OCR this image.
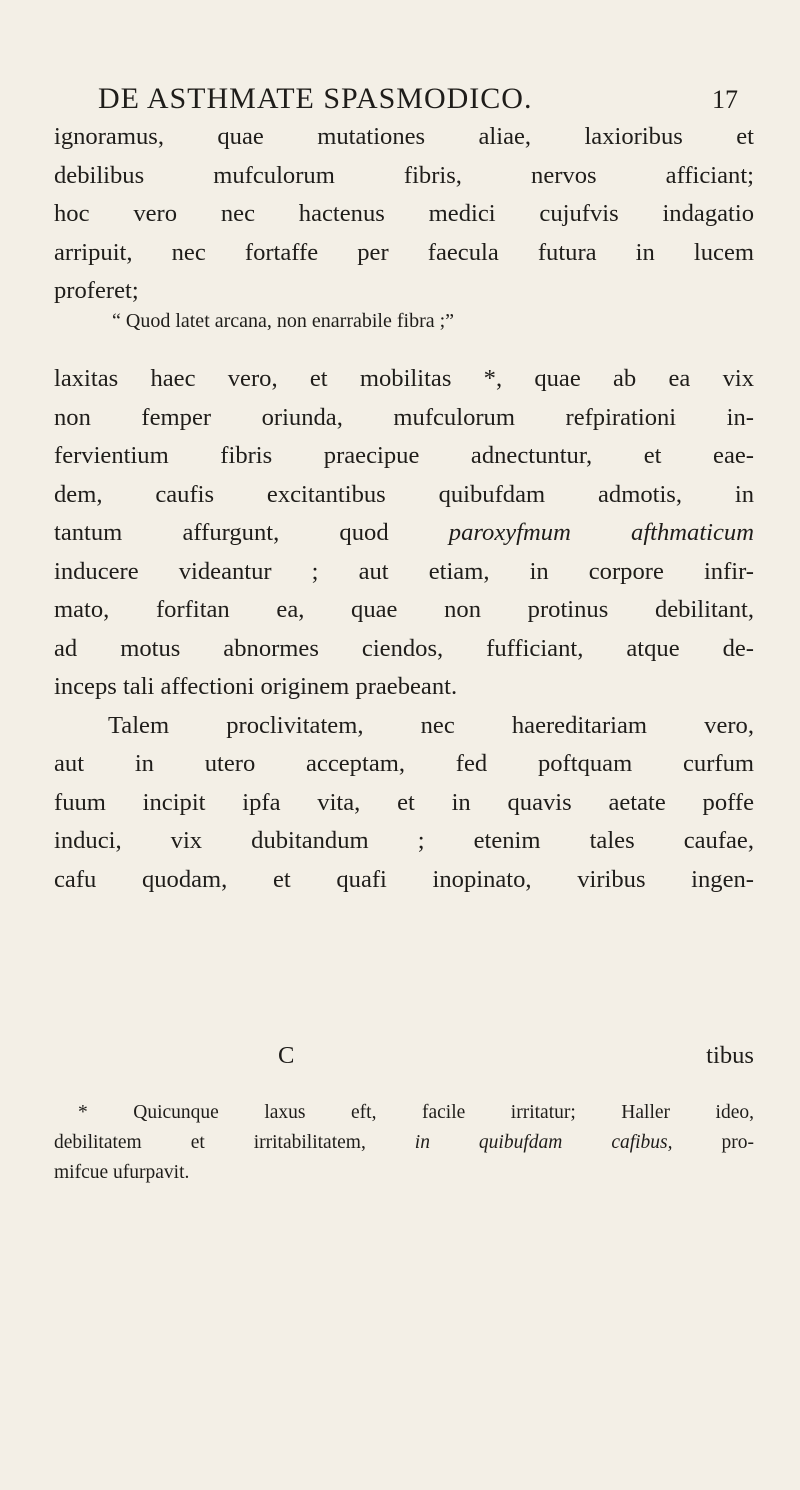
DE ASTHMATE SPASMODICO.	17
ignoramus, quae mutationes aliae, laxioribus et
debilibus mufculorum fibris, nervos afficiant;
hoc vero nec hactenus medici cujufvis indagatio
arripuit, nec fortaffe per faecula futura in lucem
proferet;
“ Quod latet arcana, non enarrabile fibra ;”
laxitas haec vero, et mobilitas *, quae ab ea vix
non femper oriunda, mufculorum refpirationi in-
fervientium fibris praecipue adnectuntur, et eae-
dem, caufis excitantibus quibufdam admotis, in
tantum affurgunt, quod paroxyfmum afthmaticum
inducere videantur ; aut etiam, in corpore infir-
mato, forfitan ea, quae non protinus debilitant,
ad motus abnormes ciendos, fufficiant, atque de-
inceps tali affectioni originem praebeant.
Talem proclivitatem, nec haereditariam vero,
aut in utero acceptam, fed poftquam curfum
fuum incipit ipfa vita, et in quavis aetate poffe
induci, vix dubitandum ; etenim tales caufae,
cafu quodam, et quafi inopinato, viribus ingen-
C	tibus
* Quicunque laxus eft, facile irritatur; Haller ideo,
debilitatem et irritabilitatem, in quibufdam cafibus, pro-
mifcue ufurpavit.
